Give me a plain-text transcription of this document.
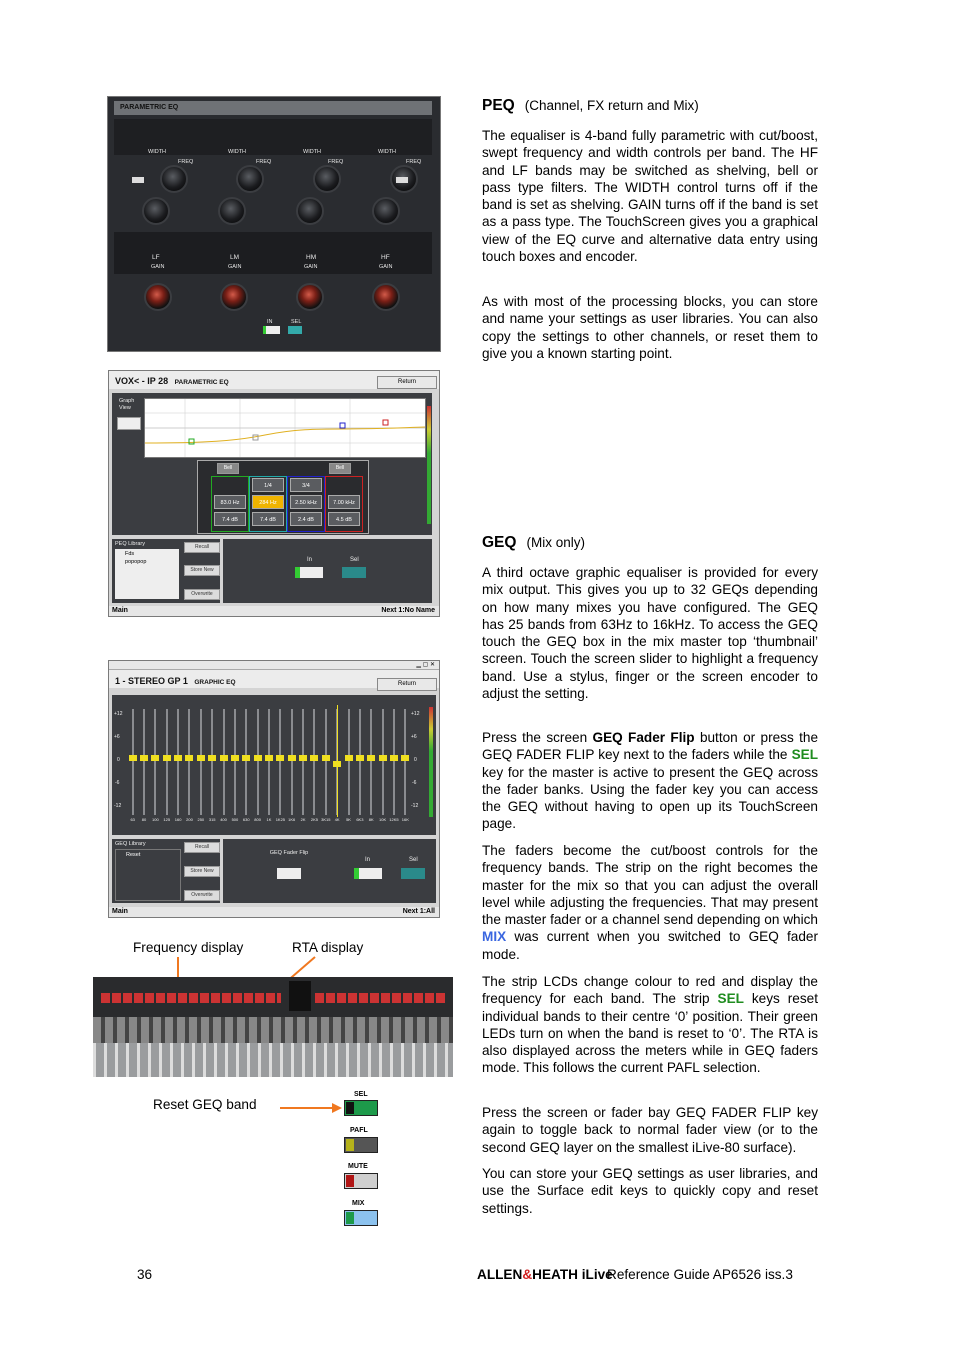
PARAMETRIC EQ
WIDTH	WIDTH	WIDTH	WIDTH
FREQ	FREQ	FREQ	FREQ
LF	LM	HM	HF
GAIN	GAIN	GAIN	GAIN
IN	SEL
VOX< - IP 28 PARAMETRIC EQ	Return
Graph View
Bell	Bell
1/4	3/4
83.0 Hz	284 Hz	2.50 kHz	7.00 kHz
7.4 dB	7.4 dB	2.4 dB	4.5 dB
PEQ Library
Fds
popopop
Recall
Store New
Overwrite
In	Sel
Main	Next 1:No Name
▁ ▢ ✕
1 - STEREO GP 1 GRAPHIC EQ	Return
+12
+6
0
-6
-12
+12
+6
0
-6
-12
63	80	100	125	160	200	250	315	400	500	630	800	1K	1K25 1K6	2K	2K5 3K15	4K	5K	6K3	8K	10K 12K5 16K
GEQ Library
Reset
Recall
Store New
Overwrite
GEQ Fader Flip
In	Sel
Main	Next 1:All
Frequency display	RTA display
Reset GEQ band
SEL
PAFL
MUTE
MIX
PEQ (Channel, FX return and Mix)

The equaliser is 4-band fully parametric with cut/boost, swept frequency and width controls per band. The HF and LF bands may be switched as shelving, bell or pass type filters. The WIDTH control turns off if the band is set as shelving. GAIN turns off if the band is set as a pass type. The TouchScreen gives you a graphical view of the EQ curve and alternative data entry using touch boxes and encoder.

As with most of the processing blocks, you can store and name your settings as user libraries. You can also copy the settings to other channels, or reset them to give you a known starting point.

GEQ (Mix only)

A third octave graphic equaliser is provided for every mix output. This gives you up to 32 GEQs depending on how many mixes you have configured. The GEQ has 25 bands from 63Hz to 16kHz. To access the GEQ touch the GEQ box in the mix master top ‘thumbnail’ screen. Touch the screen slider to highlight a frequency band. Use a stylus, finger or the screen encoder to adjust the setting.

Press the screen GEQ Fader Flip button or press the GEQ FADER FLIP key next to the faders while the SEL key for the master is active to present the GEQ across the fader banks. Using the fader key you can access the GEQ without having to open up its TouchScreen page.

The faders become the cut/boost controls for the frequency bands. The strip on the right becomes the master for the mix so that you can adjust the overall level while adjusting the frequencies. That may present the master fader or a channel send depending on which MIX was current when you switched to GEQ fader mode.

The strip LCDs change colour to red and display the frequency for each band. The strip SEL keys reset individual bands to their centre ‘0’ position. Their green LEDs turn on when the band is reset to ‘0’. The RTA is also displayed across the meters while in GEQ faders mode. This follows the current PAFL selection.

Press the screen or fader bay GEQ FADER FLIP key again to toggle back to normal fader view (or to the second GEQ layer on the smallest iLive-80 surface).

You can store your GEQ settings as user libraries, and use the Surface edit keys to quickly copy and reset settings.

36	ALLEN&HEATH iLive
Reference Guide AP6526 iss.3
